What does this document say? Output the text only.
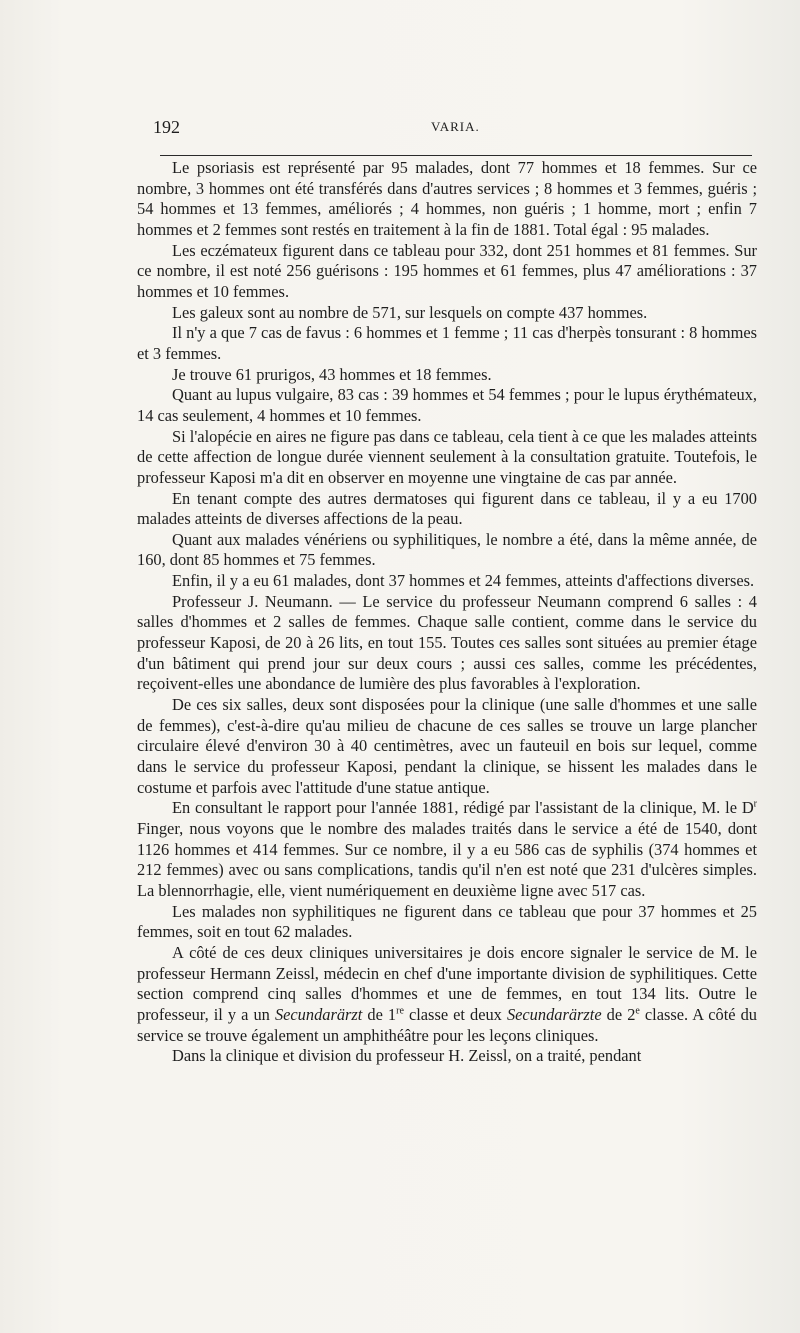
192	VARIA.

Le psoriasis est représenté par 95 malades, dont 77 hommes et 18 femmes. Sur ce nombre, 3 hommes ont été transférés dans d'autres services ; 8 hommes et 3 femmes, guéris ; 54 hommes et 13 femmes, améliorés ; 4 hommes, non guéris ; 1 homme, mort ; enfin 7 hommes et 2 femmes sont restés en traitement à la fin de 1881. Total égal : 95 malades.

Les eczémateux figurent dans ce tableau pour 332, dont 251 hommes et 81 femmes. Sur ce nombre, il est noté 256 guérisons : 195 hommes et 61 femmes, plus 47 améliorations : 37 hommes et 10 femmes.

Les galeux sont au nombre de 571, sur lesquels on compte 437 hommes.

Il n'y a que 7 cas de favus : 6 hommes et 1 femme ; 11 cas d'herpès tonsurant : 8 hommes et 3 femmes.

Je trouve 61 prurigos, 43 hommes et 18 femmes.

Quant au lupus vulgaire, 83 cas : 39 hommes et 54 femmes ; pour le lupus érythémateux, 14 cas seulement, 4 hommes et 10 femmes.

Si l'alopécie en aires ne figure pas dans ce tableau, cela tient à ce que les malades atteints de cette affection de longue durée viennent seulement à la consultation gratuite. Toutefois, le professeur Kaposi m'a dit en observer en moyenne une vingtaine de cas par année.

En tenant compte des autres dermatoses qui figurent dans ce tableau, il y a eu 1700 malades atteints de diverses affections de la peau.

Quant aux malades vénériens ou syphilitiques, le nombre a été, dans la même année, de 160, dont 85 hommes et 75 femmes.

Enfin, il y a eu 61 malades, dont 37 hommes et 24 femmes, atteints d'affections diverses.

Professeur J. Neumann. — Le service du professeur Neumann comprend 6 salles : 4 salles d'hommes et 2 salles de femmes. Chaque salle contient, comme dans le service du professeur Kaposi, de 20 à 26 lits, en tout 155. Toutes ces salles sont situées au premier étage d'un bâtiment qui prend jour sur deux cours ; aussi ces salles, comme les précédentes, reçoivent-elles une abondance de lumière des plus favorables à l'exploration.

De ces six salles, deux sont disposées pour la clinique (une salle d'hommes et une salle de femmes), c'est-à-dire qu'au milieu de chacune de ces salles se trouve un large plancher circulaire élevé d'environ 30 à 40 centimètres, avec un fauteuil en bois sur lequel, comme dans le service du professeur Kaposi, pendant la clinique, se hissent les malades dans le costume et parfois avec l'attitude d'une statue antique.

En consultant le rapport pour l'année 1881, rédigé par l'assistant de la clinique, M. le $D^r$ Finger, nous voyons que le nombre des malades traités dans le service a été de 1540, dont 1126 hommes et 414 femmes. Sur ce nombre, il y a eu 586 cas de syphilis (374 hommes et 212 femmes) avec ou sans complications, tandis qu'il n'en est noté que 231 d'ulcères simples. La blennorrhagie, elle, vient numériquement en deuxième ligne avec 517 cas.

Les malades non syphilitiques ne figurent dans ce tableau que pour 37 hommes et 25 femmes, soit en tout 62 malades.

A côté de ces deux cliniques universitaires je dois encore signaler le service de M. le professeur Hermann Zeissl, médecin en chef d'une importante division de syphilitiques. Cette section comprend cinq salles d'hommes et une de femmes, en tout 134 lits. Outre le professeur, il y a un Secundarärzt de 1re classe et deux Secundarärzte de 2e classe. A côté du service se trouve également un amphithéâtre pour les leçons cliniques.

Dans la clinique et division du professeur H. Zeissl, on a traité, pendant
